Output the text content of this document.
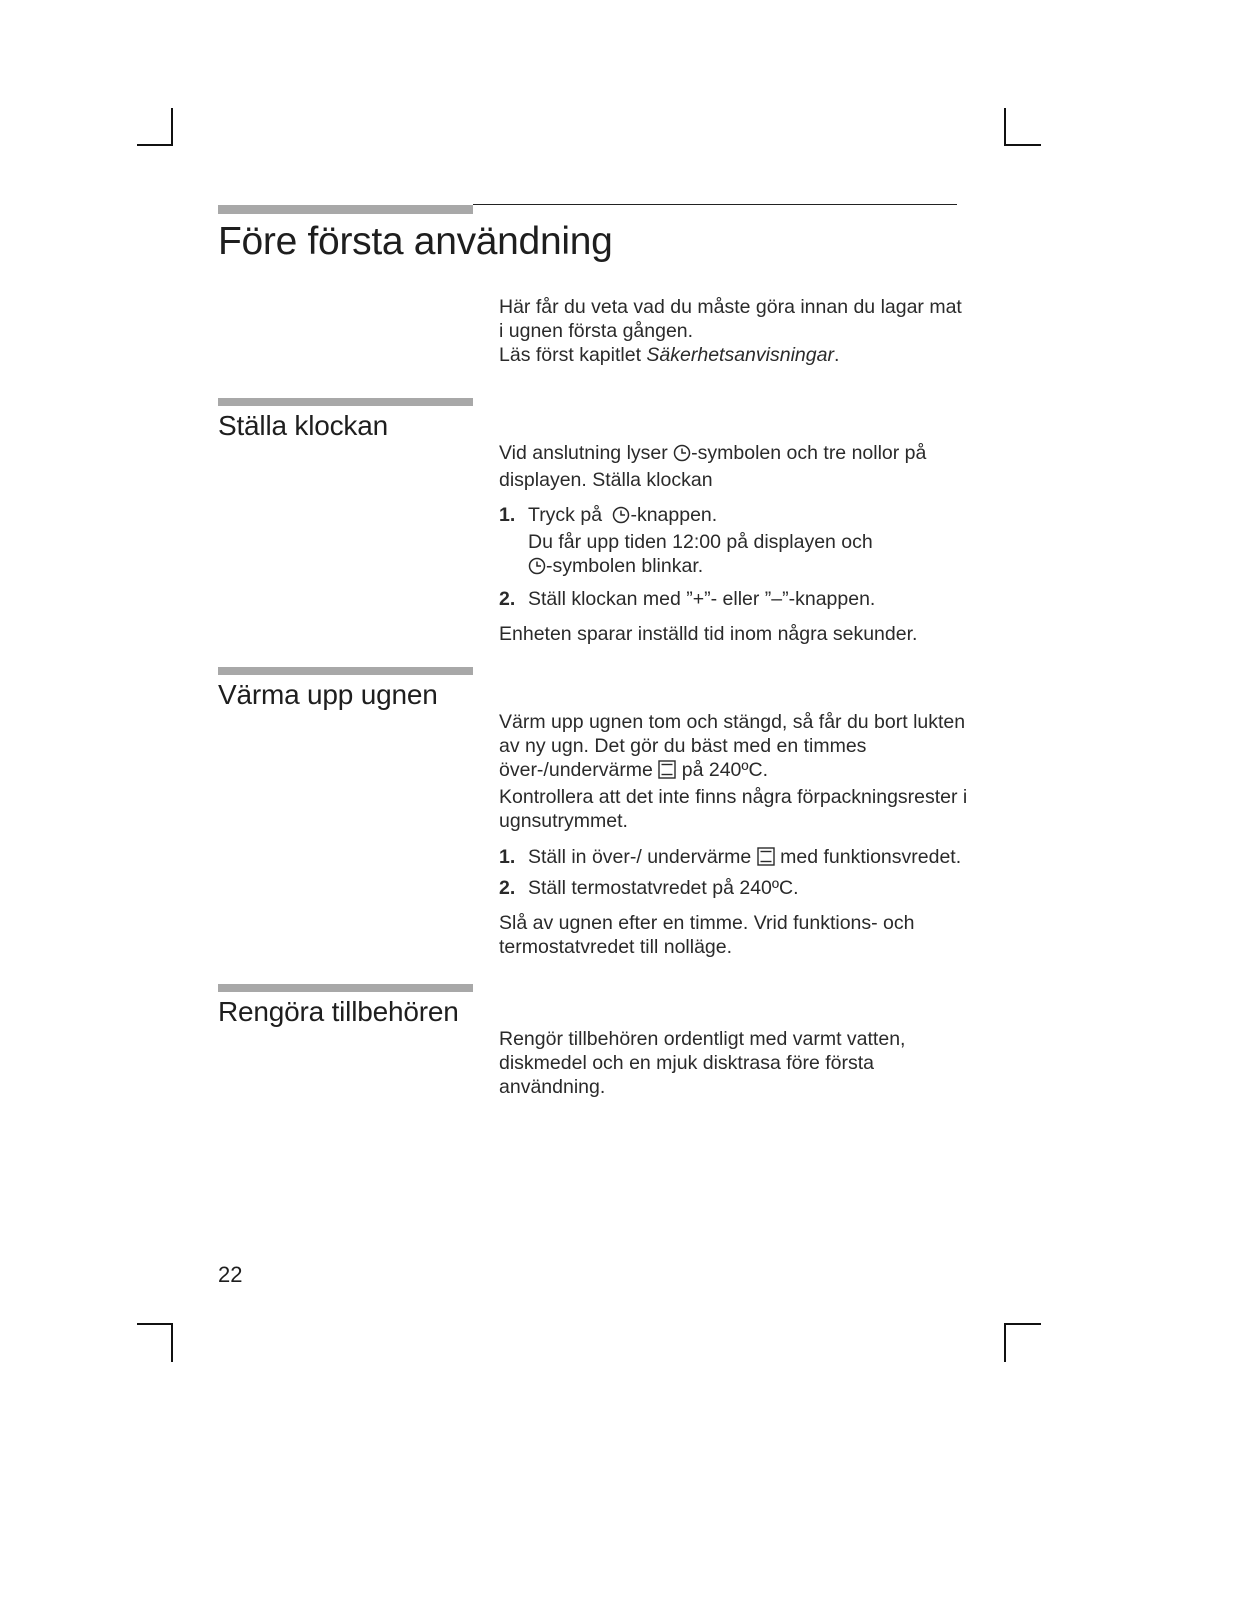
Före första användning

Här får du veta vad du måste göra innan du lagar mat i ugnen första gången.

Läs först kapitlet Säkerhetsanvisningar.

Ställa klockan

Vid anslutning lyser -symbolen och tre nollor på displayen. Ställa klockan

1. Tryck på -knappen.
Du får upp tiden 12:00 på displayen och
-symbolen blinkar.
2. Ställ klockan med ”+”- eller ”–”-knappen.

Enheten sparar inställd tid inom några sekunder.

Värma upp ugnen

Värm upp ugnen tom och stängd, så får du bort lukten av ny ugn. Det gör du bäst med en timmes över-/undervärme  på 240ºC.

Kontrollera att det inte finns några förpackningsrester i ugnsutrymmet.

1. Ställ in över-/ undervärme  med funktionsvredet.
2. Ställ termostatvredet på 240ºC.

Slå av ugnen efter en timme. Vrid funktions- och termostatvredet till nolläge.

Rengöra tillbehören

Rengör tillbehören ordentligt med varmt vatten, diskmedel och en mjuk disktrasa före första användning.

22
